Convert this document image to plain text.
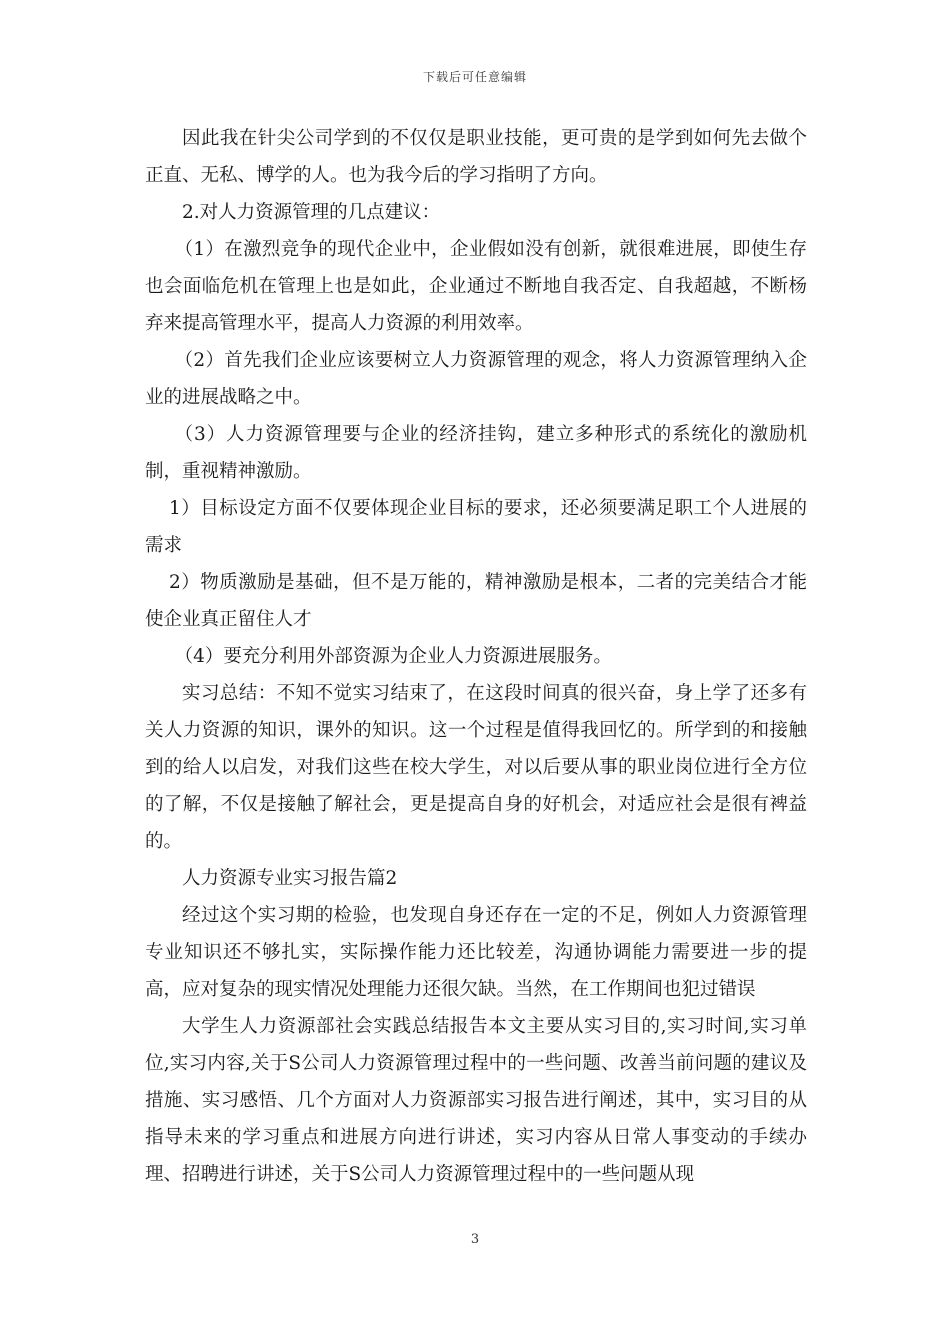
下载后可任意编辑

因此我在针尖公司学到的不仅仅是职业技能，更可贵的是学到如何先去做个正直、无私、博学的人。也为我今后的学习指明了方向。

2.对人力资源管理的几点建议：

（1）在激烈竞争的现代企业中，企业假如没有创新，就很难进展，即使生存也会面临危机在管理上也是如此，企业通过不断地自我否定、自我超越，不断杨弃来提高管理水平，提高人力资源的利用效率。

（2）首先我们企业应该要树立人力资源管理的观念，将人力资源管理纳入企业的进展战略之中。

（3）人力资源管理要与企业的经济挂钩，建立多种形式的系统化的激励机制，重视精神激励。

1）目标设定方面不仅要体现企业目标的要求，还必须要满足职工个人进展的需求

2）物质激励是基础，但不是万能的，精神激励是根本，二者的完美结合才能使企业真正留住人才

（4）要充分利用外部资源为企业人力资源进展服务。

实习总结：不知不觉实习结束了，在这段时间真的很兴奋，身上学了还多有关人力资源的知识，课外的知识。这一个过程是值得我回忆的。所学到的和接触到的给人以启发，对我们这些在校大学生，对以后要从事的职业岗位进行全方位的了解，不仅是接触了解社会，更是提高自身的好机会，对适应社会是很有裨益的。

人力资源专业实习报告篇2

经过这个实习期的检验，也发现自身还存在一定的不足，例如人力资源管理专业知识还不够扎实，实际操作能力还比较差，沟通协调能力需要进一步的提高，应对复杂的现实情况处理能力还很欠缺。当然，在工作期间也犯过错误

大学生人力资源部社会实践总结报告本文主要从实习目的,实习时间,实习单位,实习内容,关于S公司人力资源管理过程中的一些问题、改善当前问题的建议及措施、实习感悟、几个方面对人力资源部实习报告进行阐述，其中，实习目的从指导未来的学习重点和进展方向进行讲述，实习内容从日常人事变动的手续办理、招聘进行讲述，关于S公司人力资源管理过程中的一些问题从现

3
